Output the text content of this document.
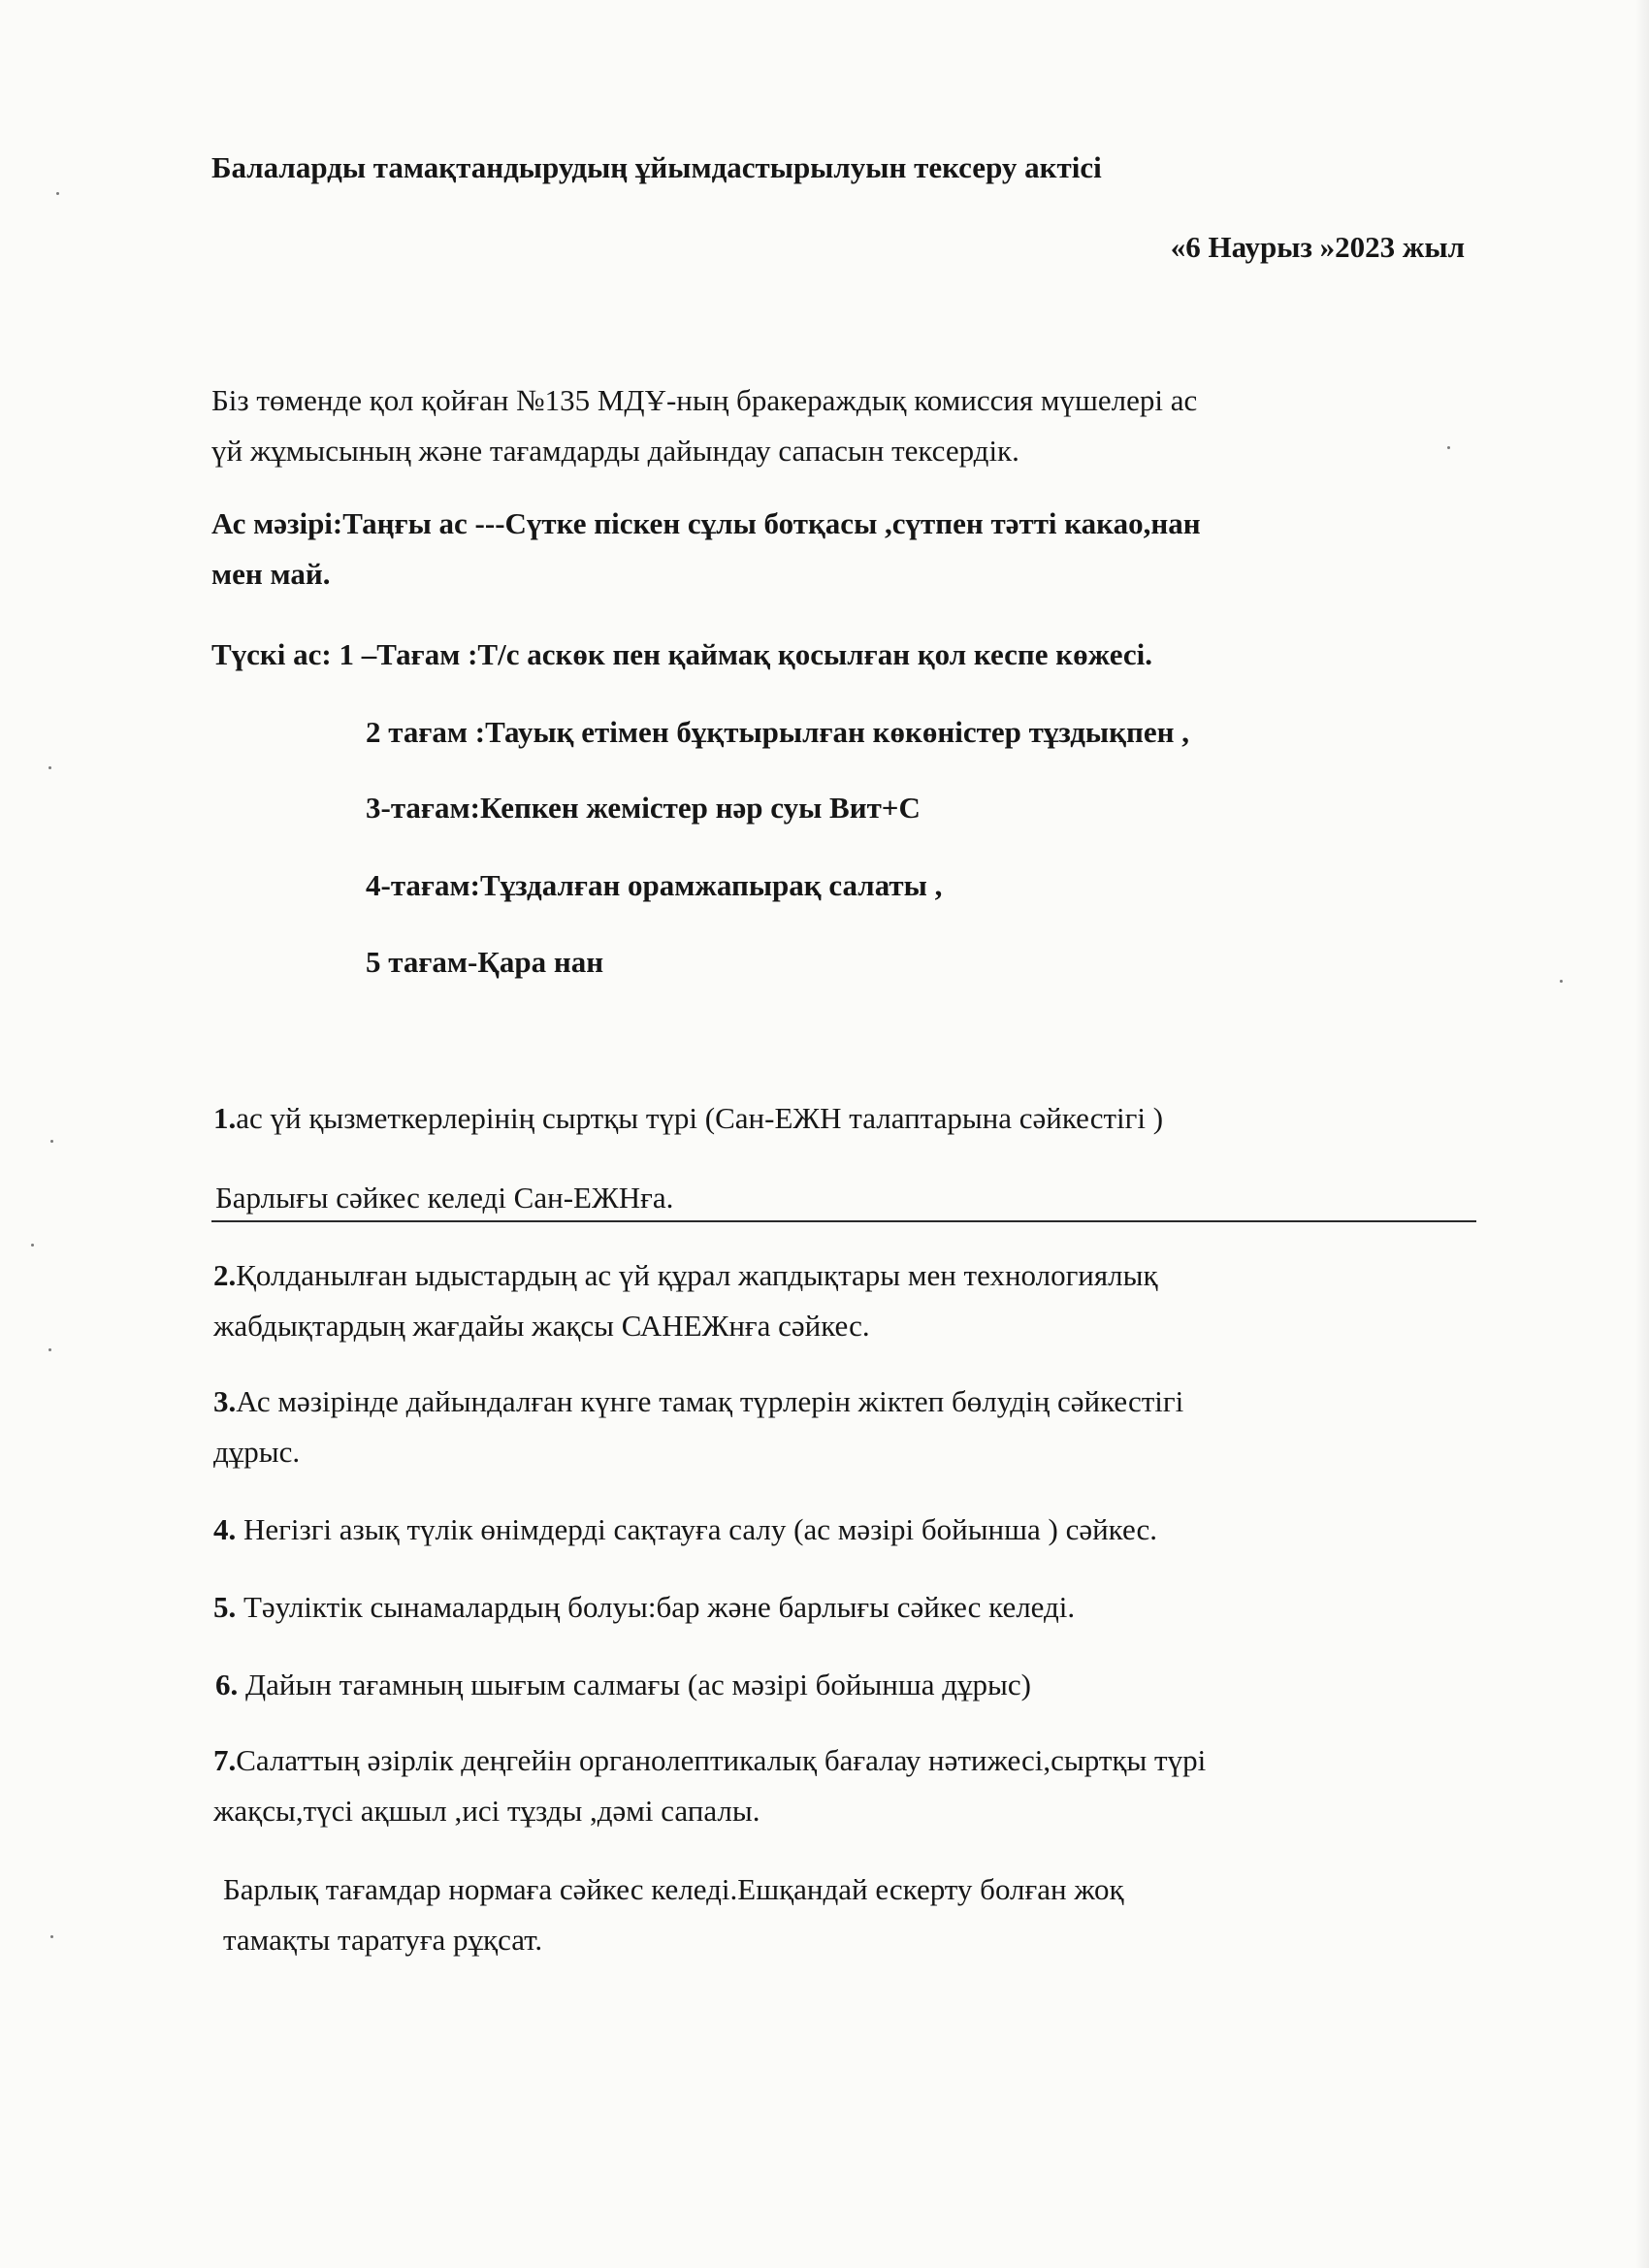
Балаларды тамақтандырудың ұйымдастырылуын тексеру актісі
«6 Наурыз »2023 жыл
Біз төменде қол қойған №135 МДҰ-ның бракераждық комиссия мүшелері ас
үй жұмысының және тағамдарды дайындау сапасын тексердік.
Ас мәзірі:Таңғы ас ---Сүтке піскен сұлы ботқасы ,сүтпен тәтті какао,нан
мен май.
Түскі ас: 1 –Тағам :Т/с аскөк пен қаймақ қосылған қол кеспе көжесі.
2 тағам :Тауық етімен бұқтырылған көкөністер тұздықпен ,
3-тағам:Кепкен жемістер нәр суы Вит+С
4-тағам:Тұздалған орамжапырақ салаты ,
5 тағам-Қара нан
1.ас үй қызметкерлерінің сыртқы түрі (Сан-ЕЖН талаптарына сәйкестігі )
Барлығы сәйкес келеді Сан-ЕЖНға.
2.Қолданылған ыдыстардың ас үй құрал жапдықтары мен технологиялық
жабдықтардың жағдайы жақсы САНЕЖнға сәйкес.
3.Ас мәзірінде дайындалған күнге тамақ түрлерін жіктеп бөлудің сәйкестігі
дұрыс.
4. Негізгі азық түлік өнімдерді сақтауға салу (ас мәзірі бойынша ) сәйкес.
5. Тәуліктік сынамалардың болуы:бар және барлығы сәйкес келеді.
6. Дайын тағамның шығым салмағы (ас мәзірі бойынша дұрыс)
7.Салаттың әзірлік деңгейін органолептикалық бағалау нәтижесі,сыртқы түрі
жақсы,түсі ақшыл ,исі тұзды ,дәмі сапалы.
Барлық тағамдар нормаға сәйкес келеді.Ешқандай ескерту болған жоқ
тамақты таратуға рұқсат.
